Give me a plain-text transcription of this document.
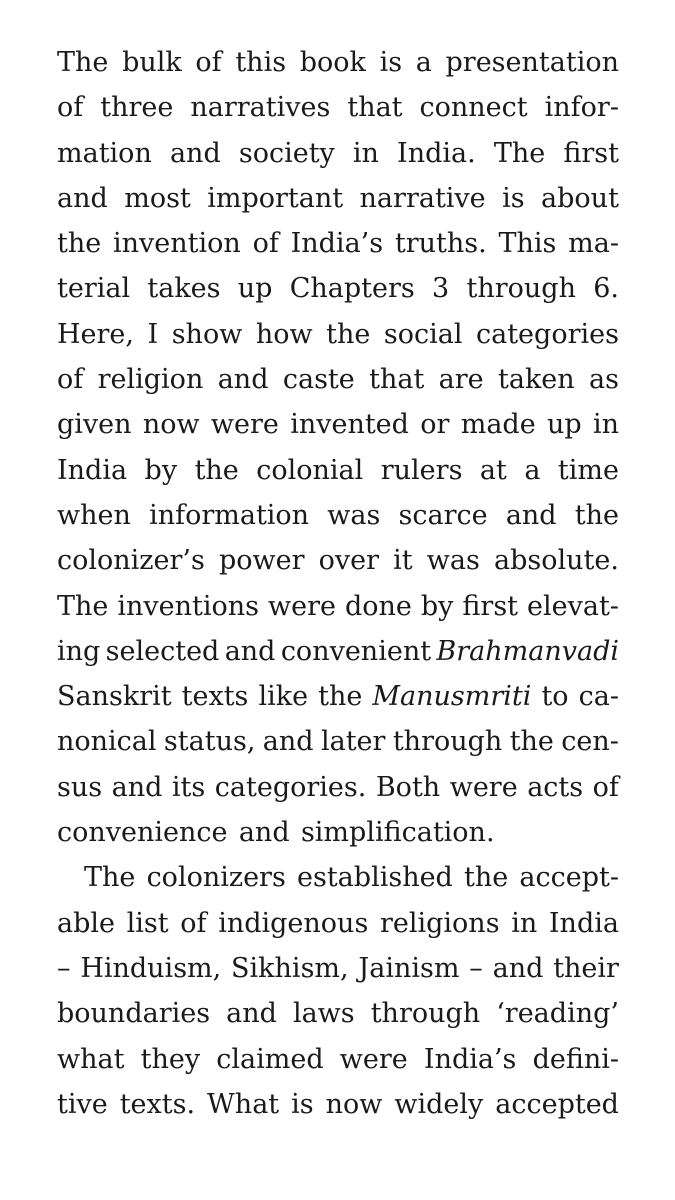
The bulk of this book is a presentation
of three narratives that connect infor-
mation and society in India. The first
and most important narrative is about
the invention of India’s truths. This ma-
terial takes up Chapters 3 through 6.
Here, I show how the social categories
of religion and caste that are taken as
given now were invented or made up in
India by the colonial rulers at a time
when information was scarce and the
colonizer’s power over it was absolute.
The inventions were done by first elevat-
ing selected and convenient Brahmanvadi
Sanskrit texts like the Manusmriti to ca-
nonical status, and later through the cen-
sus and its categories. Both were acts of
convenience and simplification.
The colonizers established the accept-
able list of indigenous religions in India
– Hinduism, Sikhism, Jainism – and their
boundaries and laws through ‘reading’
what they claimed were India’s defini-
tive texts. What is now widely accepted
